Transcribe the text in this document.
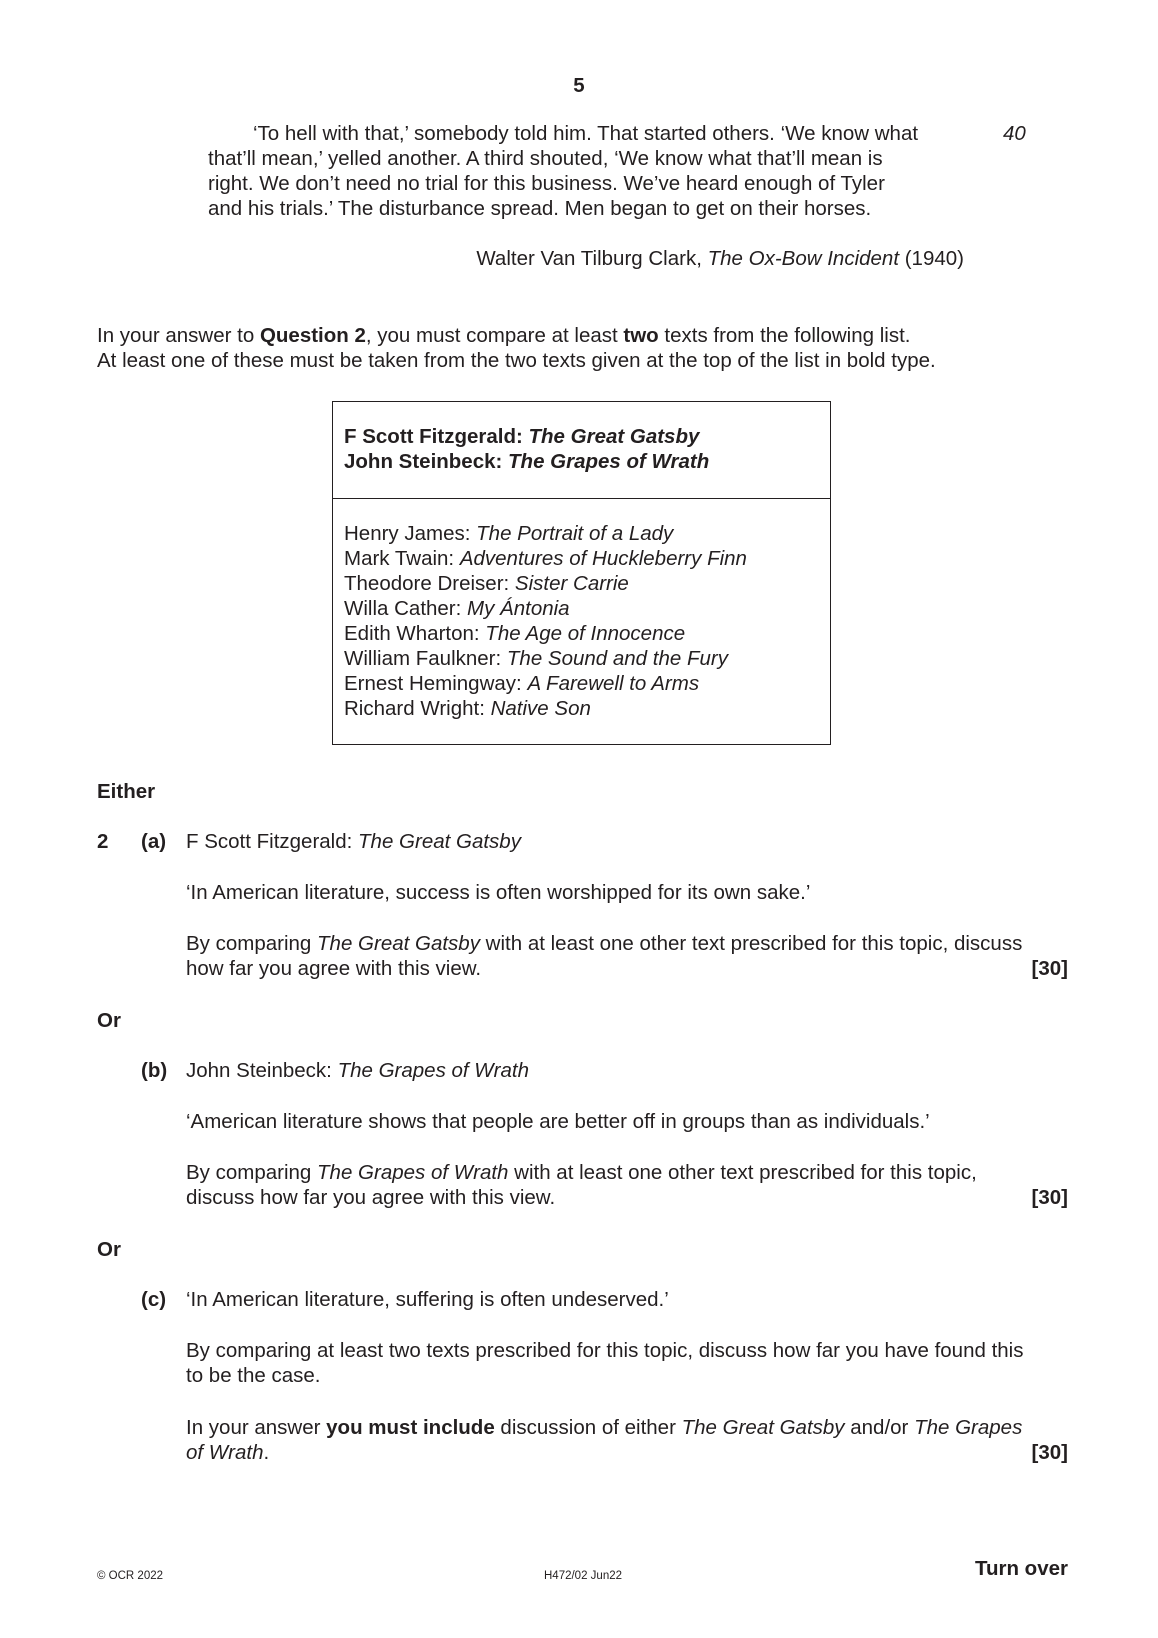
5

‘To hell with that,’ somebody told him. That started others. ‘We know what

that’ll mean,’ yelled another. A third shouted, ‘We know what that’ll mean is

right. We don’t need no trial for this business. We’ve heard enough of Tyler

and his trials.’ The disturbance spread. Men began to get on their horses.

40
Walter Van Tilburg Clark, The Ox-Bow Incident (1940)
In your answer to Question 2, you must compare at least two texts from the following list.
At least one of these must be taken from the two texts given at the top of the list in bold type.
F Scott Fitzgerald: The Great Gatsby
John Steinbeck: The Grapes of Wrath
Henry James: The Portrait of a Lady
Mark Twain: Adventures of Huckleberry Finn
Theodore Dreiser: Sister Carrie
Willa Cather: My Ántonia
Edith Wharton: The Age of Innocence
William Faulkner: The Sound and the Fury
Ernest Hemingway: A Farewell to Arms
Richard Wright: Native Son
Either
2 (a) F Scott Fitzgerald: The Great Gatsby
‘In American literature, success is often worshipped for its own sake.’
By comparing The Great Gatsby with at least one other text prescribed for this topic, discuss
how far you agree with this view.	[30]
Or
(b) John Steinbeck: The Grapes of Wrath
‘American literature shows that people are better off in groups than as individuals.’
By comparing The Grapes of Wrath with at least one other text prescribed for this topic,
discuss how far you agree with this view.	[30]
Or
(c) ‘In American literature, suffering is often undeserved.’
By comparing at least two texts prescribed for this topic, discuss how far you have found this
to be the case.
In your answer you must include discussion of either The Great Gatsby and/or The Grapes
of Wrath.	[30]
© OCR 2022	H472/02 Jun22	Turn over
